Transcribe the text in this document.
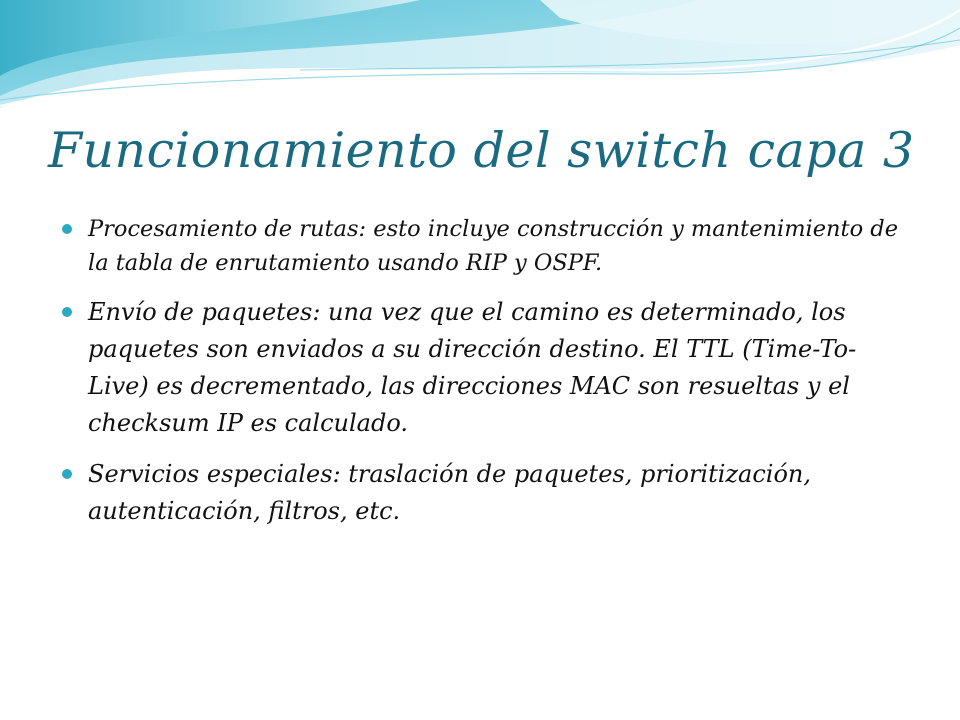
Funcionamiento del switch capa 3
Procesamiento de rutas: esto incluye construcción y mantenimiento de la tabla de enrutamiento usando RIP y OSPF.
Envío de paquetes: una vez que el camino es determinado, los paquetes son enviados a su dirección destino. El TTL (Time-To-Live) es decrementado, las direcciones MAC son resueltas y el checksum IP es calculado.
Servicios especiales: traslación de paquetes, prioritización, autenticación, filtros, etc.
